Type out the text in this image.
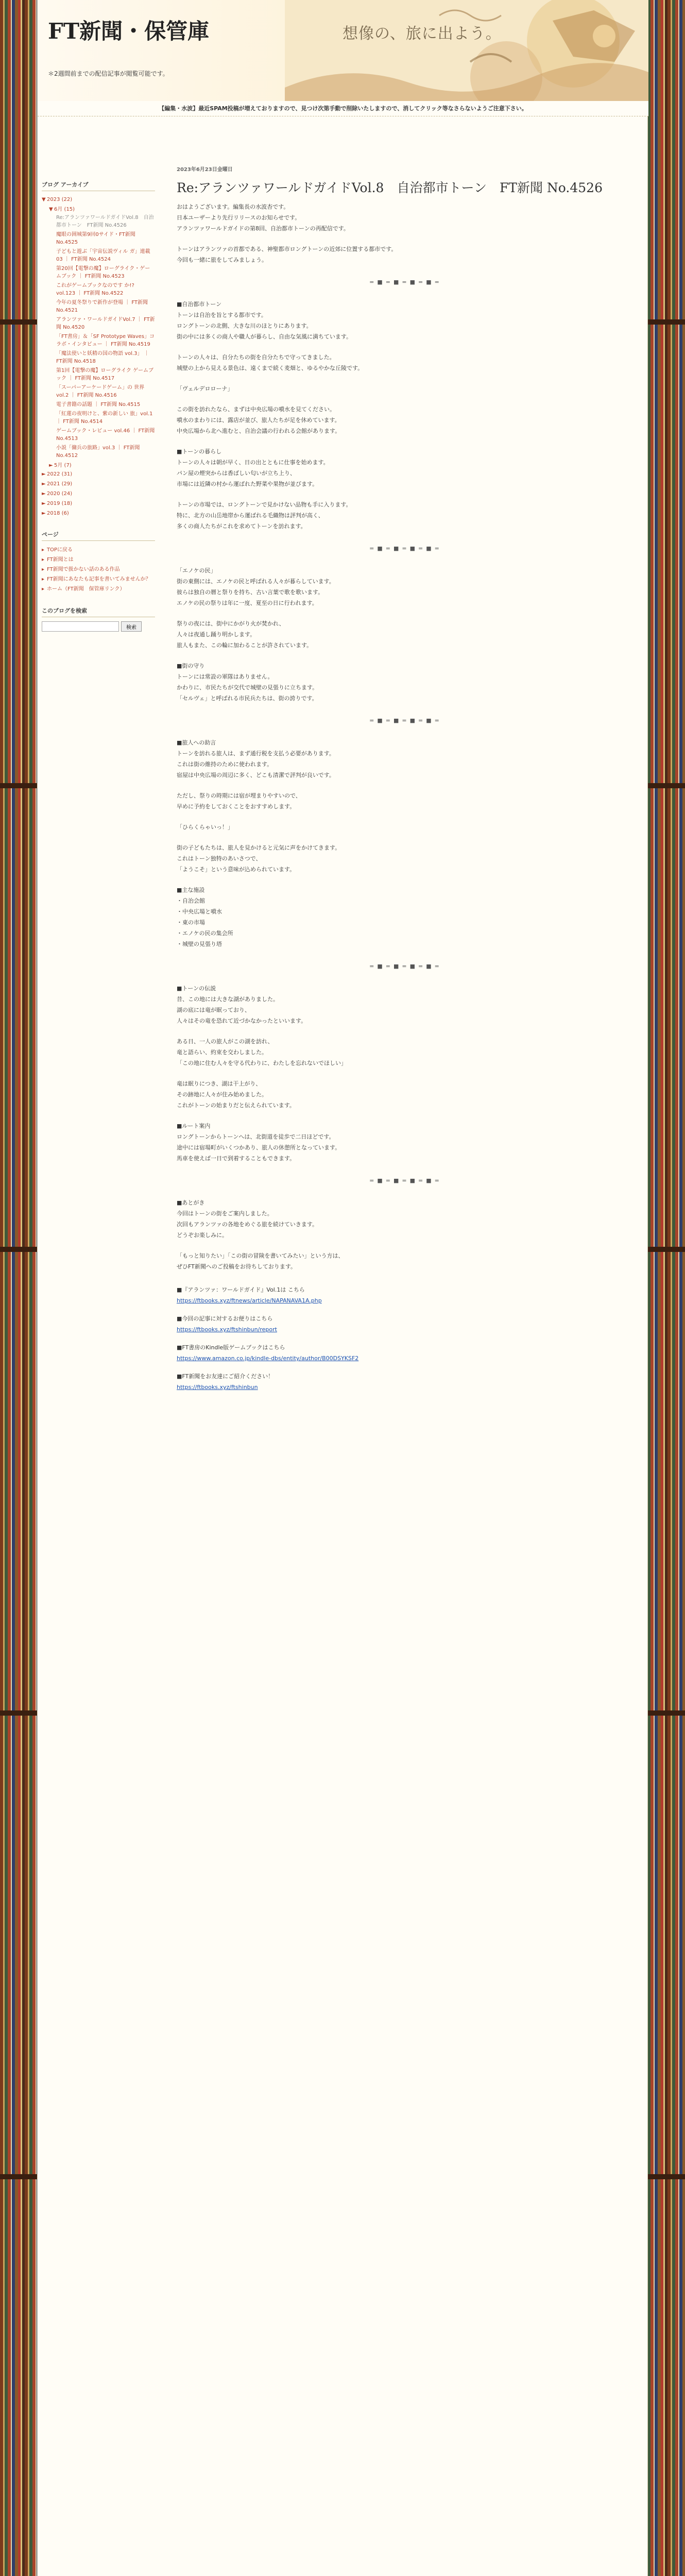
FT新聞・保管庫	想像の、旅に出よう。
＊2週間前までの配信記事が閲覧可能です。
【編集・水波】最近SPAM投稿が増えておりますので、見つけ次第手動で削除いたしますので、消してクリック等なさらないようご注意下さい。
ブログ アーカイブ
▼ 2023 (22)
▼ 6月 (15)
Re:アランツァワールドガイドVol.8　自治都市トーン　FT新聞 No.4526
魔眼の囲城第9回0サイド・FT新聞 No.4525
子どもと遊ぶ「宇宙伝説ヴィル ガ」連載 03 ｜ FT新聞 No.4524
第20回【電撃の魔】ローグライク・ゲームブック ｜ FT新聞 No.4523
これがゲームブックなのです か!? vol.123 ｜ FT新聞 No.4522
今年の夏冬祭りで新作が登場 ｜ FT新聞 No.4521
アランツァ・ワールドガイドVol.7 ｜ FT新聞 No.4520
「FT書房」＆「SF Prototype Waves」コラボ・インタビュー ｜ FT新聞 No.4519
「魔法使いと妖精の国の物語 vol.3」 ｜ FT新聞 No.4518
第1回【電撃の魔】ローグライク ゲームブック ｜ FT新聞 No.4517
「スーパーアーケードゲーム」の 世界 vol.2 ｜ FT新聞 No.4516
電子書籍の話題 ｜ FT新聞 No.4515
「紅蓮の夜明けと、紫の新しい 旅」vol.1 ｜ FT新聞 No.4514
ゲームブック・レビュー vol.46 ｜ FT新聞 No.4513
小説「傭兵の旅路」vol.3 ｜ FT新聞 No.4512
► 5月 (7)
► 2022 (31)
► 2021 (29)
► 2020 (24)
► 2019 (18)
► 2018 (6)
ページ
▸ TOPに戻る
▸ FT新聞とは
▸ FT新聞で扱かない話のある作品
▸ FT新聞にあなたも記事を書いてみませんか？
▸ ホーム（FT新聞　保管庫リンク）
このブログを検索
検索
2023年6月23日金曜日
Re:アランツァワールドガイドVol.8　自治都市トーン　FT新聞 No.4526

おはようございます。編集長の水波杏です。
日本ユーザーより先行リリースのお知らせです。
アランツァワールドガイドの第8回、自治都市トーンの再配信です。

トーンはアランツァの首都である、神聖都市ロングトーンの近郊に位置する都市です。
今回も一緒に旅をしてみましょう。

=■=■=■=■=

■自治都市トーン
トーンは自治を旨とする都市です。
ロングトーンの北側、大きな川のほとりにあります。
街の中には多くの商人や職人が暮らし、自由な気風に満ちています。

トーンの人々は、自分たちの街を自分たちで守ってきました。
城壁の上から見える景色は、遠くまで続く麦畑と、ゆるやかな丘陵です。

「ヴェルデロローナ」

この街を訪れたなら、まずは中央広場の噴水を見てください。
噴水のまわりには、露店が並び、旅人たちが足を休めています。
中央広場から北へ進むと、自治会議の行われる会館があります。

■トーンの暮らし
トーンの人々は朝が早く、日の出とともに仕事を始めます。
パン屋の煙突からは香ばしい匂いが立ち上り、
市場には近隣の村から運ばれた野菜や果物が並びます。

トーンの市場では、ロングトーンで見かけない品物も手に入ります。
特に、北方の山岳地帯から運ばれる毛織物は評判が高く、
多くの商人たちがこれを求めてトーンを訪れます。

=■=■=■=■=

「エノケの民」
街の東側には、エノケの民と呼ばれる人々が暮らしています。
彼らは独自の暦と祭りを持ち、古い言葉で歌を歌います。
エノケの民の祭りは年に一度、夏至の日に行われます。

祭りの夜には、街中にかがり火が焚かれ、
人々は夜通し踊り明かします。
旅人もまた、この輪に加わることが許されています。

■街の守り
トーンには常設の軍隊はありません。
かわりに、市民たちが交代で城壁の見張りに立ちます。
「セルヴェ」と呼ばれる市民兵たちは、街の誇りです。

=■=■=■=■=

■旅人への助言
トーンを訪れる旅人は、まず通行税を支払う必要があります。
これは街の維持のために使われます。
宿屋は中央広場の周辺に多く、どこも清潔で評判が良いです。

ただし、祭りの時期には宿が埋まりやすいので、
早めに予約をしておくことをおすすめします。

「ひらくらゃいっ！」

街の子どもたちは、旅人を見かけると元気に声をかけてきます。
これはトーン独特のあいさつで、
「ようこそ」という意味が込められています。

■主な施設
・自治会館
・中央広場と噴水
・東の市場
・エノケの民の集会所
・城壁の見張り塔

=■=■=■=■=

■トーンの伝説
昔、この地には大きな湖がありました。
湖の底には竜が眠っており、
人々はその竜を恐れて近づかなかったといいます。

ある日、一人の旅人がこの湖を訪れ、
竜と語らい、約束を交わしました。
「この地に住む人々を守る代わりに、わたしを忘れないでほしい」

竜は眠りにつき、湖は干上がり、
その跡地に人々が住み始めました。
これがトーンの始まりだと伝えられています。

■ルート案内
ロングトーンからトーンへは、北街道を徒歩で二日ほどです。
途中には宿場町がいくつかあり、旅人の休憩所となっています。
馬車を使えば一日で到着することもできます。

=■=■=■=■=

■あとがき
今回はトーンの街をご案内しました。
次回もアランツァの各地をめぐる旅を続けていきます。
どうぞお楽しみに。

「もっと知りたい」「この街の冒険を書いてみたい」という方は、
ぜひFT新聞へのご投稿をお待ちしております。

■『アランツァ：ワールドガイド』Vol.1は こちら
https://ftbooks.xyz/ftnews/article/NAPANAVA1A.php
■今回の記事に対するお便りはこちら
https://ftbooks.xyz/ftshinbun/report
■FT書房のKindle版ゲームブックはこちら
https://www.amazon.co.jp/kindle-dbs/entity/author/B00DSYKSF2
■FT新聞をお友達にご紹介ください！
https://ftbooks.xyz/ftshinbun
